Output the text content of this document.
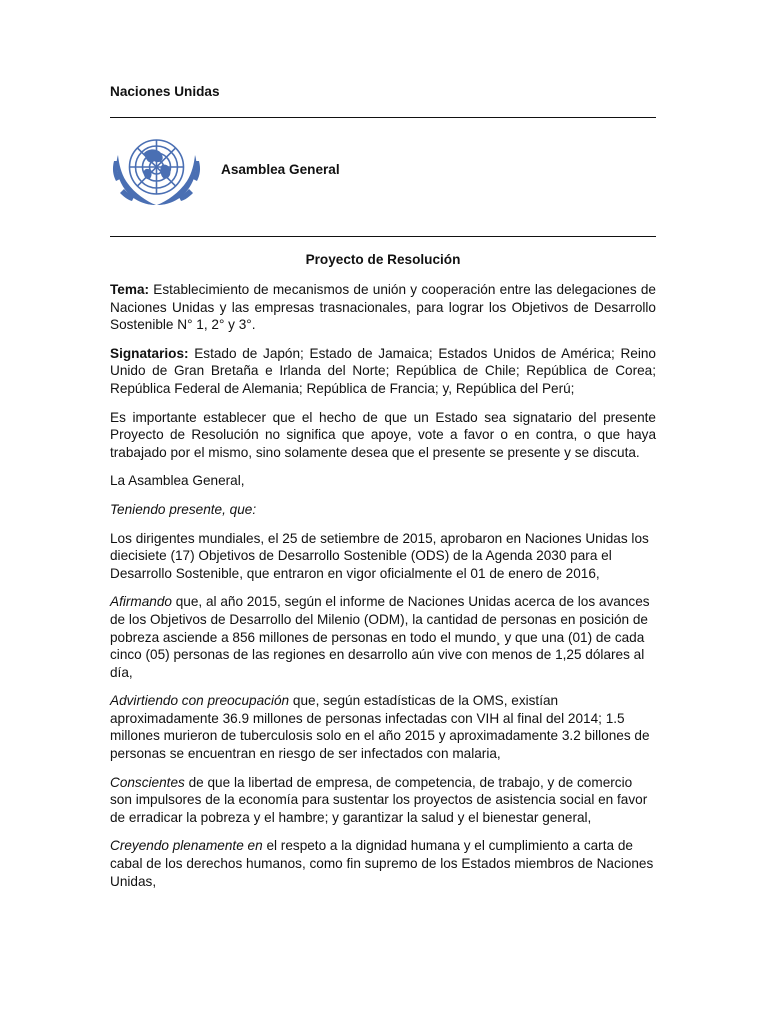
Naciones Unidas
Asamblea General
Proyecto de Resolución

Tema: Establecimiento de mecanismos de unión y cooperación entre las delegaciones de Naciones Unidas y las empresas trasnacionales, para lograr los Objetivos de Desarrollo Sostenible N° 1, 2° y 3°.

Signatarios: Estado de Japón; Estado de Jamaica; Estados Unidos de América; Reino Unido de Gran Bretaña e Irlanda del Norte; República de Chile; República de Corea; República Federal de Alemania; República de Francia; y, República del Perú;

Es importante establecer que el hecho de que un Estado sea signatario del presente Proyecto de Resolución no significa que apoye, vote a favor o en contra, o que haya trabajado por el mismo, sino solamente desea que el presente se presente y se discuta.

La Asamblea General,

Teniendo presente, que:

Los dirigentes mundiales, el 25 de setiembre de 2015, aprobaron en Naciones Unidas los diecisiete (17) Objetivos de Desarrollo Sostenible (ODS) de la Agenda 2030 para el Desarrollo Sostenible, que entraron en vigor oficialmente el 01 de enero de 2016,

Afirmando que, al año 2015, según el informe de Naciones Unidas acerca de los avances de los Objetivos de Desarrollo del Milenio (ODM), la cantidad de personas en posición de pobreza asciende a 856 millones de personas en todo el mundo¸ y que una (01) de cada cinco (05) personas de las regiones en desarrollo aún vive con menos de 1,25 dólares al día,

Advirtiendo con preocupación que, según estadísticas de la OMS, existían aproximadamente 36.9 millones de personas infectadas con VIH al final del 2014; 1.5 millones murieron de tuberculosis solo en el año 2015 y aproximadamente 3.2 billones de personas se encuentran en riesgo de ser infectados con malaria,

Conscientes de que la libertad de empresa, de competencia, de trabajo, y de comercio son impulsores de la economía para sustentar los proyectos de asistencia social en favor de erradicar la pobreza y el hambre; y garantizar la salud y el bienestar general,

Creyendo plenamente en el respeto a la dignidad humana y el cumplimiento a carta de cabal de los derechos humanos, como fin supremo de los Estados miembros de Naciones Unidas,
